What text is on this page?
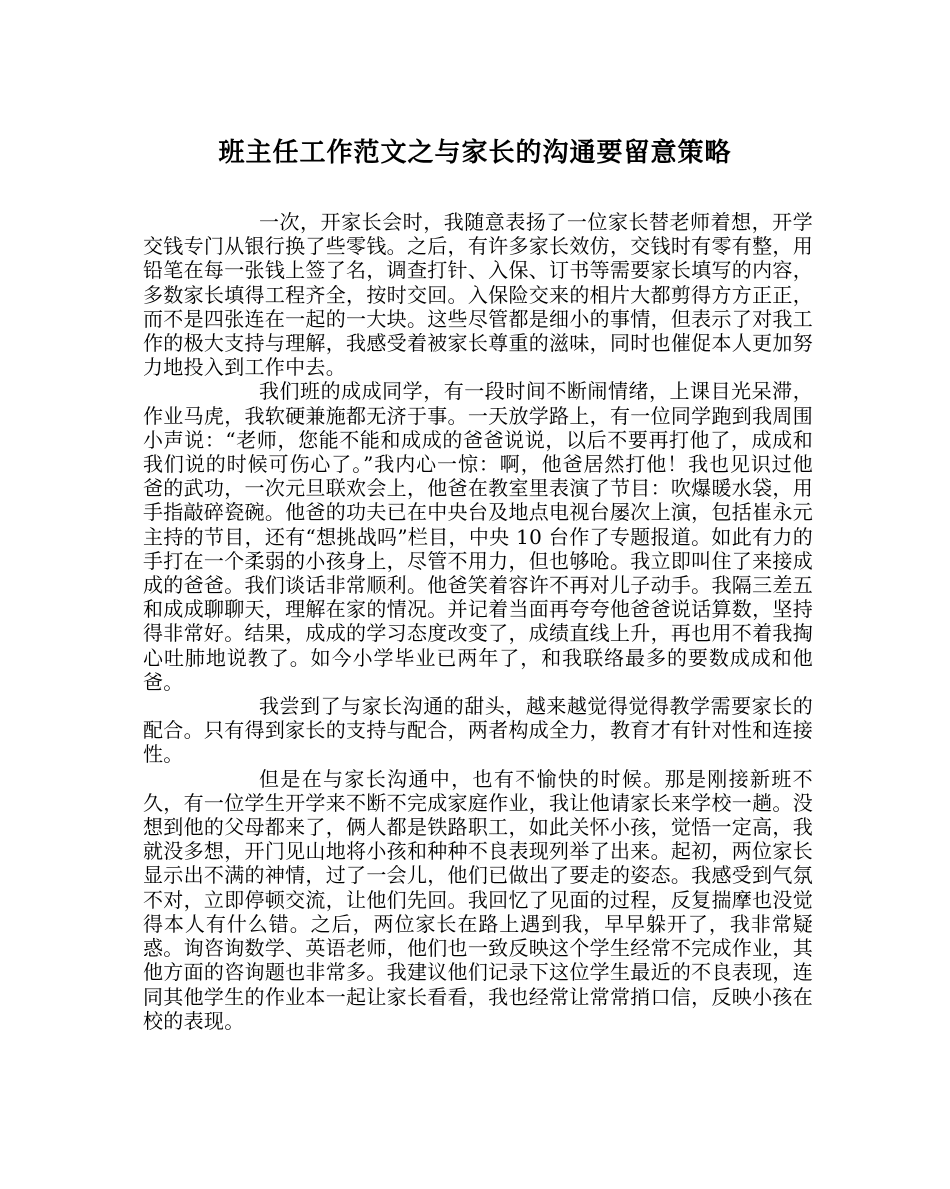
班主任工作范文之与家长的沟通要留意策略

一次，开家长会时，我随意表扬了一位家长替老师着想，开学交钱专门从银行换了些零钱。之后，有许多家长效仿，交钱时有零有整，用铅笔在每一张钱上签了名，调查打针、入保、订书等需要家长填写的内容，多数家长填得工程齐全，按时交回。入保险交来的相片大都剪得方方正正，而不是四张连在一起的一大块。这些尽管都是细小的事情，但表示了对我工作的极大支持与理解，我感受着被家长尊重的滋味，同时也催促本人更加努力地投入到工作中去。

我们班的成成同学，有一段时间不断闹情绪，上课目光呆滞，作业马虎，我软硬兼施都无济于事。一天放学路上，有一位同学跑到我周围小声说：“老师，您能不能和成成的爸爸说说，以后不要再打他了，成成和我们说的时候可伤心了。”我内心一惊：啊，他爸居然打他！我也见识过他爸的武功，一次元旦联欢会上，他爸在教室里表演了节目：吹爆暖水袋，用手指敲碎瓷碗。他爸的功夫已在中央台及地点电视台屡次上演，包括崔永元主持的节目，还有“想挑战吗”栏目，中央 10 台作了专题报道。如此有力的手打在一个柔弱的小孩身上，尽管不用力，但也够呛。我立即叫住了来接成成的爸爸。我们谈话非常顺利。他爸笑着容许不再对儿子动手。我隔三差五和成成聊聊天，理解在家的情况。并记着当面再夸夸他爸爸说话算数，坚持得非常好。结果，成成的学习态度改变了，成绩直线上升，再也用不着我掏心吐肺地说教了。如今小学毕业已两年了，和我联络最多的要数成成和他爸。

我尝到了与家长沟通的甜头，越来越觉得觉得教学需要家长的配合。只有得到家长的支持与配合，两者构成全力，教育才有针对性和连接性。

但是在与家长沟通中，也有不愉快的时候。那是刚接新班不久，有一位学生开学来不断不完成家庭作业，我让他请家长来学校一趟。没想到他的父母都来了，俩人都是铁路职工，如此关怀小孩，觉悟一定高，我就没多想，开门见山地将小孩和种种不良表现列举了出来。起初，两位家长显示出不满的神情，过了一会儿，他们已做出了要走的姿态。我感受到气氛不对，立即停顿交流，让他们先回。我回忆了见面的过程，反复揣摩也没觉得本人有什么错。之后，两位家长在路上遇到我，早早躲开了，我非常疑惑。询咨询数学、英语老师，他们也一致反映这个学生经常不完成作业，其他方面的咨询题也非常多。我建议他们记录下这位学生最近的不良表现，连同其他学生的作业本一起让家长看看，我也经常让常常捎口信，反映小孩在校的表现。
